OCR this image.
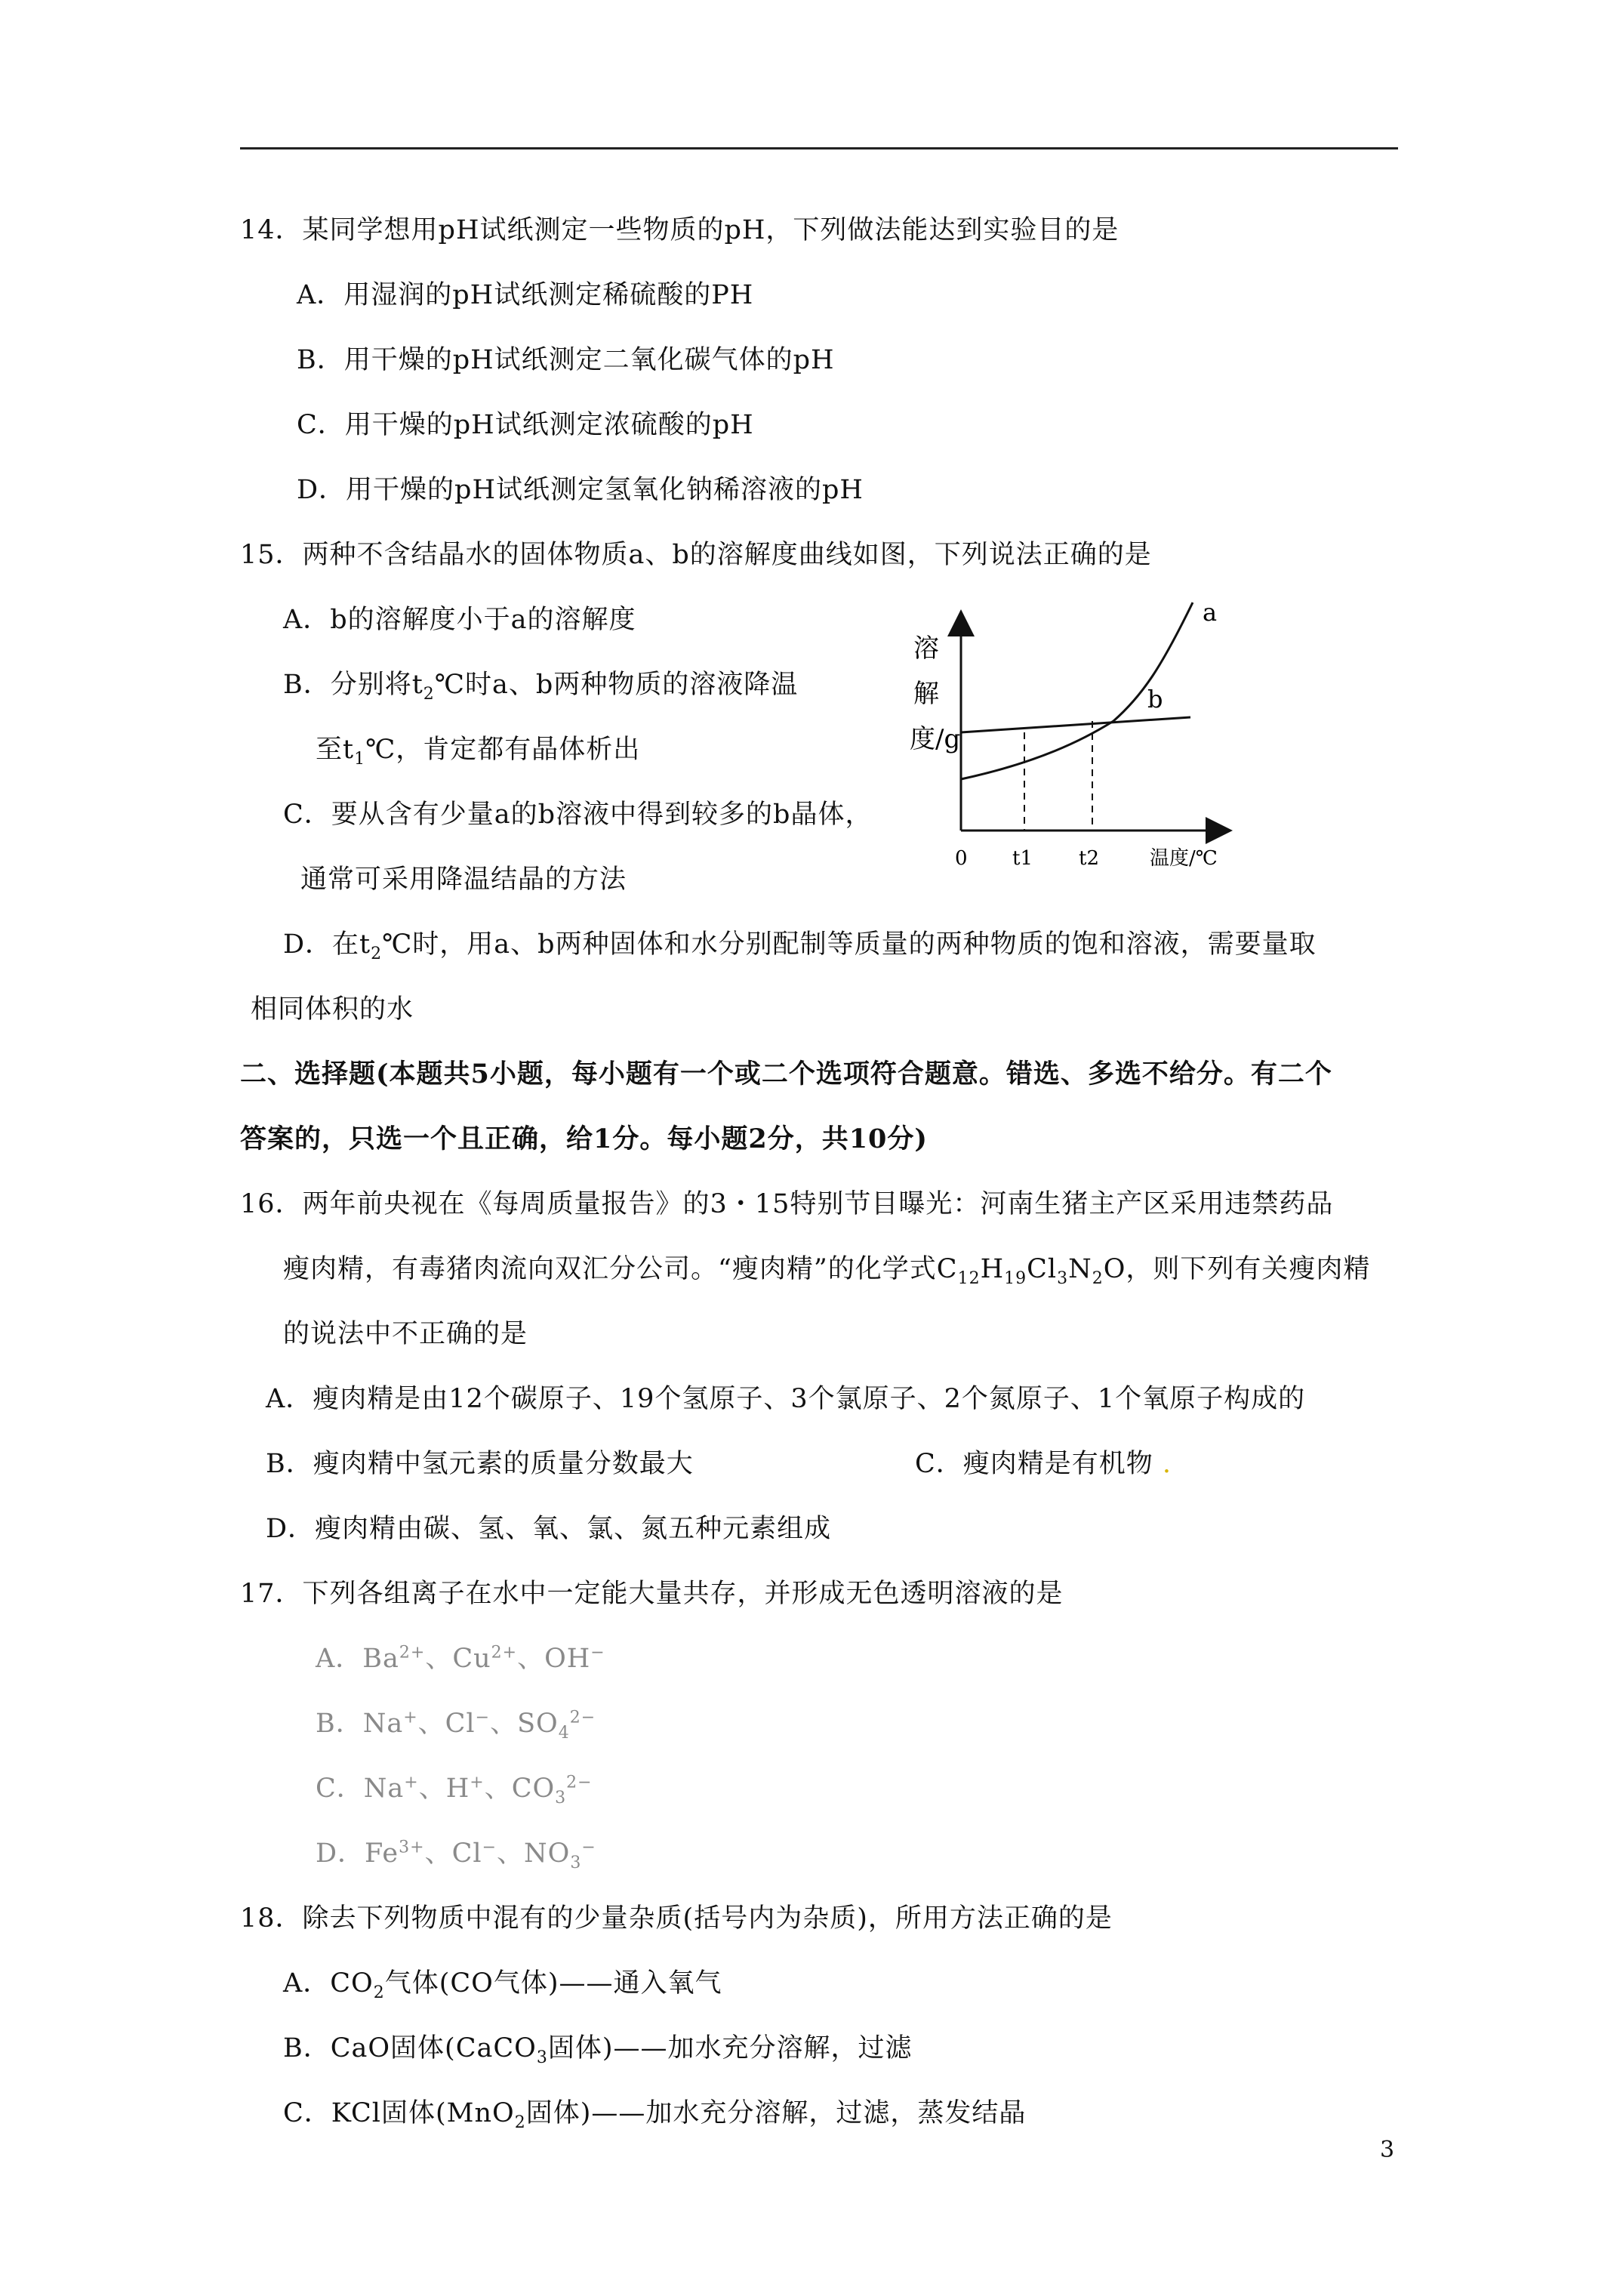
14．某同学想用pH试纸测定一些物质的pH，下列做法能达到实验目的是
A．用湿润的pH试纸测定稀硫酸的PH
B．用干燥的pH试纸测定二氧化碳气体的pH
C．用干燥的pH试纸测定浓硫酸的pH
D．用干燥的pH试纸测定氢氧化钠稀溶液的pH
15．两种不含结晶水的固体物质a、b的溶解度曲线如图，下列说法正确的是
A．b的溶解度小于a的溶解度
B．分别将$t_2℃$时a、b两种物质的溶液降温
至$t_1℃$，肯定都有晶体析出
C．要从含有少量a的b溶液中得到较多的b晶体，
通常可采用降温结晶的方法
D．在$t_2℃$时，用a、b两种固体和水分别配制等质量的两种物质的饱和溶液，需要量取
相同体积的水
溶
解
度/g
0 t1 t2	温度/℃
a
b
二、选择题(本题共5小题，每小题有一个或二个选项符合题意。错选、多选不给分。有二个
答案的，只选一个且正确，给1分。每小题2分，共10分)
16．两年前央视在《每周质量报告》的3・15特别节目曝光：河南生猪主产区采用违禁药品
瘦肉精，有毒猪肉流向双汇分公司。“瘦肉精”的化学式$C_{12}H_{19}Cl_3N_2O$，则下列有关瘦肉精
的说法中不正确的是
A．瘦肉精是由12个碳原子、19个氢原子、3个氯原子、2个氮原子、1个氧原子构成的
B．瘦肉精中氢元素的质量分数最大	C．瘦肉精是有机物 .
D．瘦肉精由碳、氢、氧、氯、氮五种元素组成
17．下列各组离子在水中一定能大量共存，并形成无色透明溶液的是
A．$Ba^{2+}$、$Cu^{2+}$、OH−
B．Na+、Cl−、$SO_4^{2-}$
C．Na+、H+、$CO_3^{2-}$
D．$Fe^{3+}$、Cl−、$NO_3^-$
18．除去下列物质中混有的少量杂质(括号内为杂质)，所用方法正确的是
A．$CO_2$气体(CO气体)——通入氧气
B．CaO固体(CaCO$_3$固体)——加水充分溶解，过滤
C．KCl固体(MnO$_2$固体)——加水充分溶解，过滤，蒸发结晶
3
